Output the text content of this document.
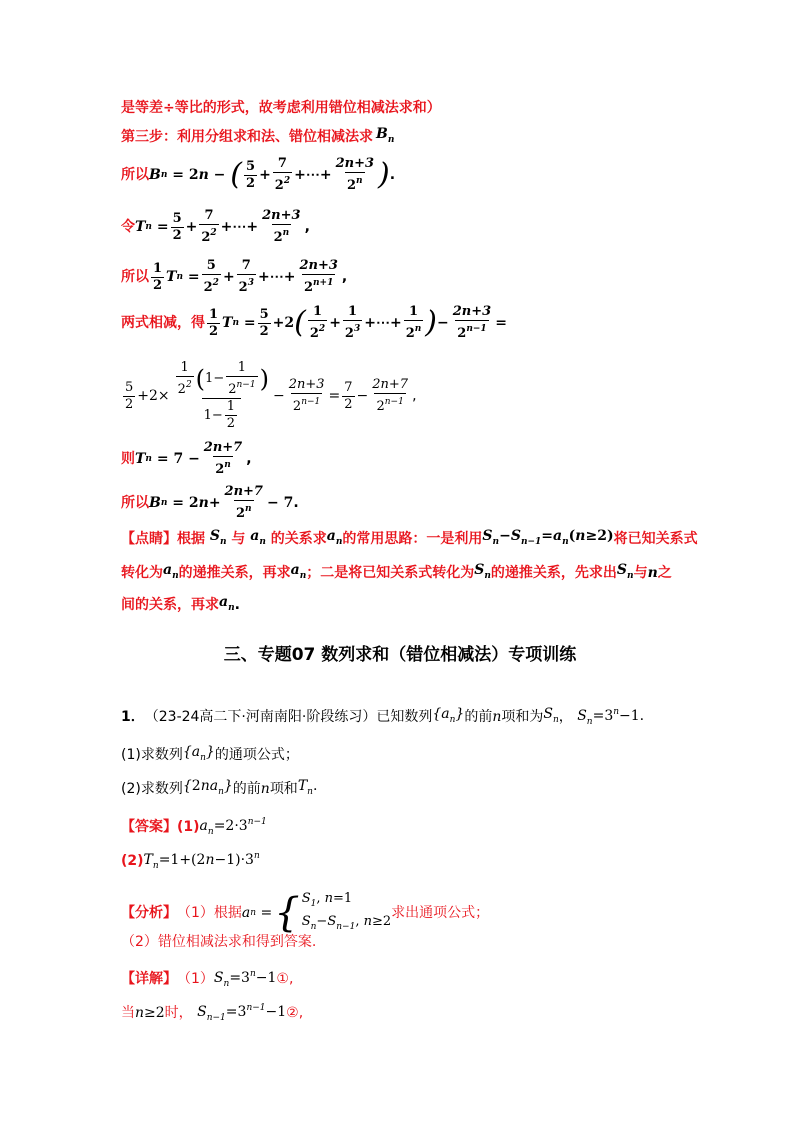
是等差÷等比的形式，故考虑利用错位相减法求和）
第三步：利用分组求和法、错位相减法求 $B_n$
所以 B n
= 2 n − ( $\frac{5}{2} + \frac{7}{2^2}$ +⋯+ $\frac{2n+3}{2^n}$ ) .
令 T n
= $\frac{5}{2} + \frac{7}{2^2}$ +⋯+ $\frac{2n+3}{2^n}$ ,
所以 $\frac{1}{2}$ T n
= $\frac{5}{2^2} + \frac{7}{2^3}$ +⋯+ $\frac{2n+3}{2^{n+1}}$ ,
两式相减，得 $\frac{1}{2}$ T n
= $\frac{5}{2} +2$ ( $\frac{1}{2^2} + \frac{1}{2^3}$ +⋯+ $\frac{1}{2^n}$ ) − $\frac{2n+3}{2^{n-1}}$ =
$\frac{5}{2} +2\times \frac{\frac{1}{2^2} ( 1- \frac{1}{2^{n-1}} )}{1- \frac{1}{2}} - \frac{2n+3}{2^{n-1}} = \frac{7}{2} - \frac{2n+7}{2^{n-1}}$ ,
则 T n
= $7 - \frac{2n+7}{2^n}$ ,
所以 B n
= 2 $n + \frac{2n+7}{2^n} - 7$ .
【点睛】 根据 $S_n$ 与 $a_n$ 的关系求 $a_n$ 的常用思路：一是利用 $S_n-S_{n-1}=a_n(n\ge 2)$ 将已知关系式
转化为 $a_n$ 的递推关系，再求 $a_n$ ；二是将已知关系式转化为 $S_n$ 的递推关系，先求出 $S_n$ 与 n 之
间的关系，再求 $a_n$ .
三、专题07 数列求和（错位相减法）专项训练
1． （23-24高二下·河南南阳·阶段练习） 已知数列 $\{a_n\}$ 的前 n 项和为 $S_n$ ， $S_n=3^n-1$.
(1)求数列 $\{a_n\}$ 的通项公式；
(2)求数列 $\{2na_n\}$ 的前 n 项和 $T_n$.
【答案】 (1) $a_n=2\cdot 3^{n-1}$
(2) $T_n=1+(2n-1)\cdot 3^n$
【分析】 （1）根据 a n = { $S_1$, n=1
$S_n-S_{n-1}$, n≥2
求出通项公式；
（2）错位相减法求和得到答案.
【详解】 （1） $S_n=3^n-1$ ①,
当 n≥2 时， $S_{n-1}=3^{n-1}-1$ ②,
